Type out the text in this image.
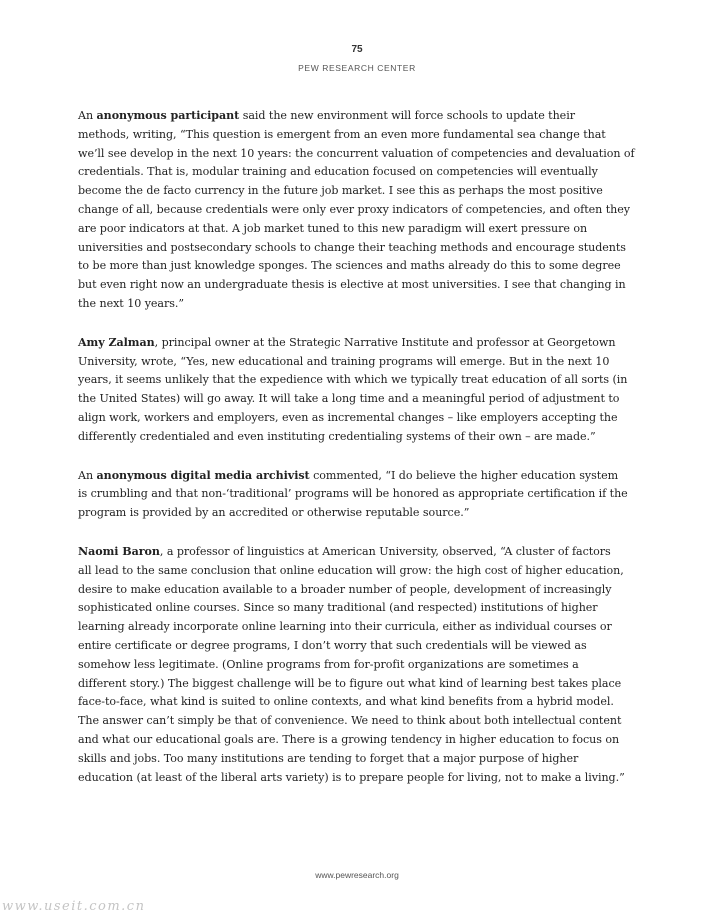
75
PEW RESEARCH CENTER

An anonymous participant said the new environment will force schools to update their
methods, writing, “This question is emergent from an even more fundamental sea change that
we’ll see develop in the next 10 years: the concurrent valuation of competencies and devaluation of
credentials. That is, modular training and education focused on competencies will eventually
become the de facto currency in the future job market. I see this as perhaps the most positive
change of all, because credentials were only ever proxy indicators of competencies, and often they
are poor indicators at that. A job market tuned to this new paradigm will exert pressure on
universities and postsecondary schools to change their teaching methods and encourage students
to be more than just knowledge sponges. The sciences and maths already do this to some degree
but even right now an undergraduate thesis is elective at most universities. I see that changing in
the next 10 years.”

Amy Zalman, principal owner at the Strategic Narrative Institute and professor at Georgetown
University, wrote, “Yes, new educational and training programs will emerge. But in the next 10
years, it seems unlikely that the expedience with which we typically treat education of all sorts (in
the United States) will go away. It will take a long time and a meaningful period of adjustment to
align work, workers and employers, even as incremental changes – like employers accepting the
differently credentialed and even instituting credentialing systems of their own – are made.”

An anonymous digital media archivist commented, “I do believe the higher education system
is crumbling and that non-‘traditional’ programs will be honored as appropriate certification if the
program is provided by an accredited or otherwise reputable source.”

Naomi Baron, a professor of linguistics at American University, observed, “A cluster of factors
all lead to the same conclusion that online education will grow: the high cost of higher education,
desire to make education available to a broader number of people, development of increasingly
sophisticated online courses. Since so many traditional (and respected) institutions of higher
learning already incorporate online learning into their curricula, either as individual courses or
entire certificate or degree programs, I don’t worry that such credentials will be viewed as
somehow less legitimate. (Online programs from for-profit organizations are sometimes a
different story.) The biggest challenge will be to figure out what kind of learning best takes place
face-to-face, what kind is suited to online contexts, and what kind benefits from a hybrid model.
The answer can’t simply be that of convenience. We need to think about both intellectual content
and what our educational goals are. There is a growing tendency in higher education to focus on
skills and jobs. Too many institutions are tending to forget that a major purpose of higher
education (at least of the liberal arts variety) is to prepare people for living, not to make a living.”

www.pewresearch.org
www.useit.com.cn
